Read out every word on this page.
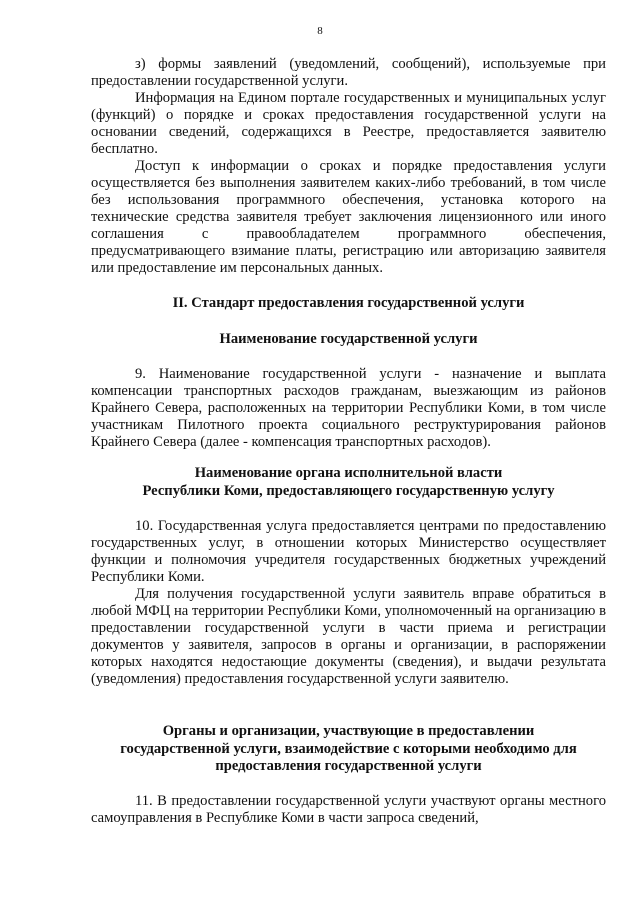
8

з) формы заявлений (уведомлений, сообщений), используемые при предоставлении государственной услуги.

Информация на Едином портале государственных и муниципальных услуг (функций) о порядке и сроках предоставления государственной услуги на основании сведений, содержащихся в Реестре, предоставляется заявителю бесплатно.

Доступ к информации о сроках и порядке предоставления услуги осуществляется без выполнения заявителем каких-либо требований, в том числе без использования программного обеспечения, установка которого на технические средства заявителя требует заключения лицензионного или иного соглашения с правообладателем программного обеспечения, предусматривающего взимание платы, регистрацию или авторизацию заявителя или предоставление им персональных данных.

II. Стандарт предоставления государственной услуги
Наименование государственной услуги

9. Наименование государственной услуги - назначение и выплата компенсации транспортных расходов гражданам, выезжающим из районов Крайнего Севера, расположенных на территории Республики Коми, в том числе участникам Пилотного проекта социального реструктурирования районов Крайнего Севера (далее - компенсация транспортных расходов).

Наименование органа исполнительной власти
Республики Коми, предоставляющего государственную услугу

10. Государственная услуга предоставляется центрами по предоставлению государственных услуг, в отношении которых Министерство осуществляет функции и полномочия учредителя государственных бюджетных учреждений Республики Коми.

Для получения государственной услуги заявитель вправе обратиться в любой МФЦ на территории Республики Коми, уполномоченный на организацию в предоставлении государственной услуги в части приема и регистрации документов у заявителя, запросов в органы и организации, в распоряжении которых находятся недостающие документы (сведения), и выдачи результата (уведомления) предоставления государственной услуги заявителю.

Органы и организации, участвующие в предоставлении
государственной услуги, взаимодействие с которыми необходимо для
предоставления государственной услуги

11. В предоставлении государственной услуги участвуют органы местного самоуправления в Республике Коми в части запроса сведений,
